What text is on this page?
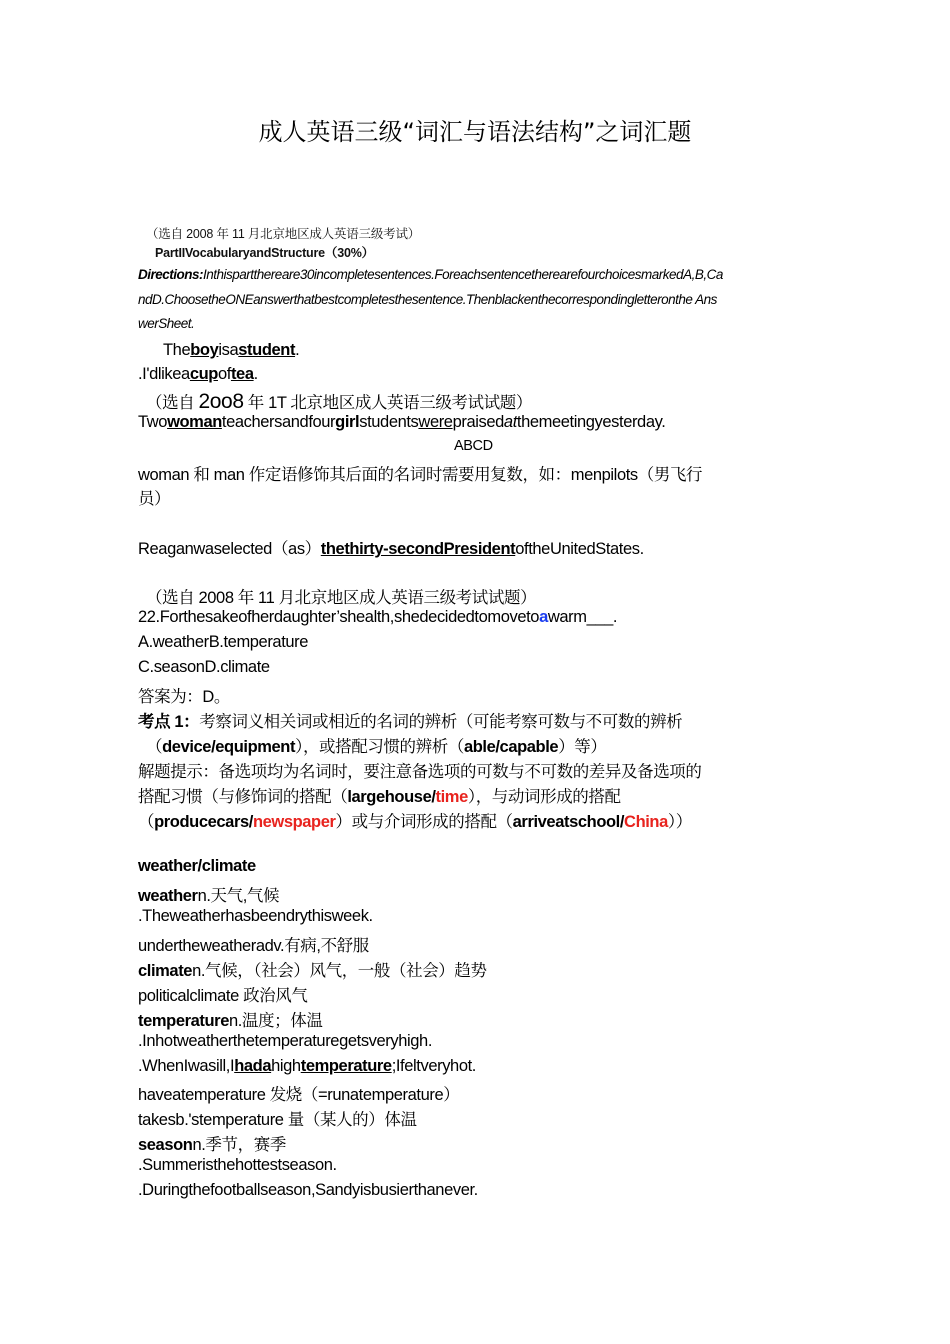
成人英语三级“词汇与语法结构”之词汇题
（选自 2008 年 11 月北京地区成人英语三级考试）
PartIIVocabularyandStructure（30%）
Directions:Inthispartthereare30incompletesentences.ForeachsentencetherearefourchoicesmarkedA,B,Ca
ndD.ChoosetheONEanswerthatbestcompletesthesentence.Thenblackenthecorrespondingletteronthe Ans
werSheet.
Theboyisastudent.
.I'dlikeacupoftea.
（选自 2oo8 年 1T 北京地区成人英语三级考试试题）
Twowomanteachersandfourgirlstudentswerepraisedatthemeetingyesterday.
ABCD
woman 和 man 作定语修饰其后面的名词时需要用复数，如：menpilots（男飞行
员）
Reaganwaselected（as）thethirty-secondPresidentoftheUnitedStates.
（选自 2008 年 11 月北京地区成人英语三级考试试题）
22.Forthesakeofherdaughter’shealth,shedecidedtomovetoawarm___.
A.weatherB.temperature
C.seasonD.climate
答案为：D。
考点 1：考察词义相关词或相近的名词的辨析（可能考察可数与不可数的辨析
（device/equipment），或搭配习惯的辨析（able/capable）等）
解题提示：备选项均为名词时，要注意备选项的可数与不可数的差异及备选项的
搭配习惯（与修饰词的搭配（largehouse/time），与动词形成的搭配
（producecars/newspaper）或与介词形成的搭配（arriveatschool/China））
weather/climate
weathern.天气,气候
.Theweatherhasbeendrythisweek.
undertheweatheradv.有病,不舒服
climaten.气候，（社会）风气，一般（社会）趋势
politicalclimate 政治风气
temperaturen.温度；体温
.Inhotweatherthetemperaturegetsveryhigh.
.WhenIwasill,Ihadahightemperature;Ifeltveryhot.
haveatemperature 发烧（=runatemperature）
takesb.'stemperature 量（某人的）体温
seasonn.季节，赛季
.Summeristhehottestseason.
.Duringthefootballseason,Sandyisbusierthanever.
